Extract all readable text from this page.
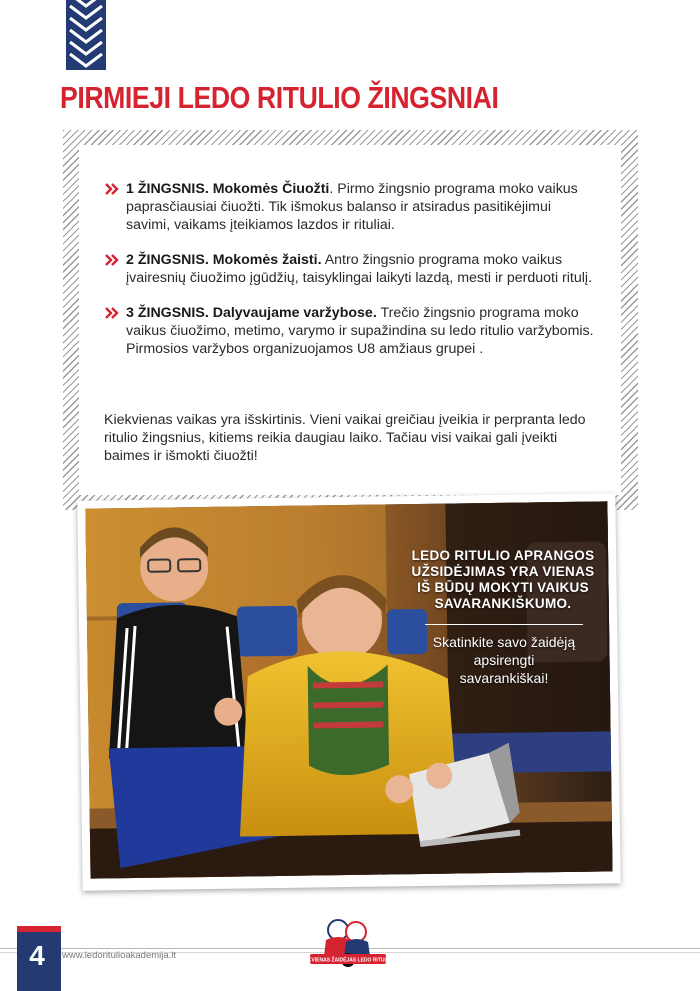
PIRMIEJI LEDO RITULIO ŽINGSNIAI
1 ŽINGSNIS. Mokomės Čiuožti. Pirmo žingsnio programa moko vaikus paprasčiausiai čiuožti. Tik išmokus balanso ir atsiradus pasitikėjimui savimi, vaikams įteikiamos lazdos ir rituliai.
2 ŽINGSNIS. Mokomės žaisti. Antro žingsnio programa moko vaikus įvairesnių čiuožimo įgūdžių, taisyklingai laikyti lazdą, mesti ir perduoti ritulį.
3 ŽINGSNIS. Dalyvaujame varžybose. Trečio žingsnio programa moko vaikus čiuožimo, metimo, varymo ir supažindina su ledo ritulio varžybomis. Pirmosios varžybos organizuojamos U8 amžiaus grupei .

Kiekvienas vaikas yra išskirtinis. Vieni vaikai greičiau įveikia ir perpranta ledo ritulio žingsnius, kitiems reikia daugiau laiko. Tačiau visi vaikai gali įveikti baimes ir išmokti čiuožti!

LEDO RITULIO APRANGOS UŽSIDĖJIMAS YRA VIENAS IŠ BŪDŲ MOKYTI VAIKUS SAVARANKIŠKUMO.
Skatinkite savo žaidėją apsirengti savarankiškai!
4	www.ledoritulioakademija.lt	KIEKVIENAS ŽAIDĖJAS LEDO RITULYJE
